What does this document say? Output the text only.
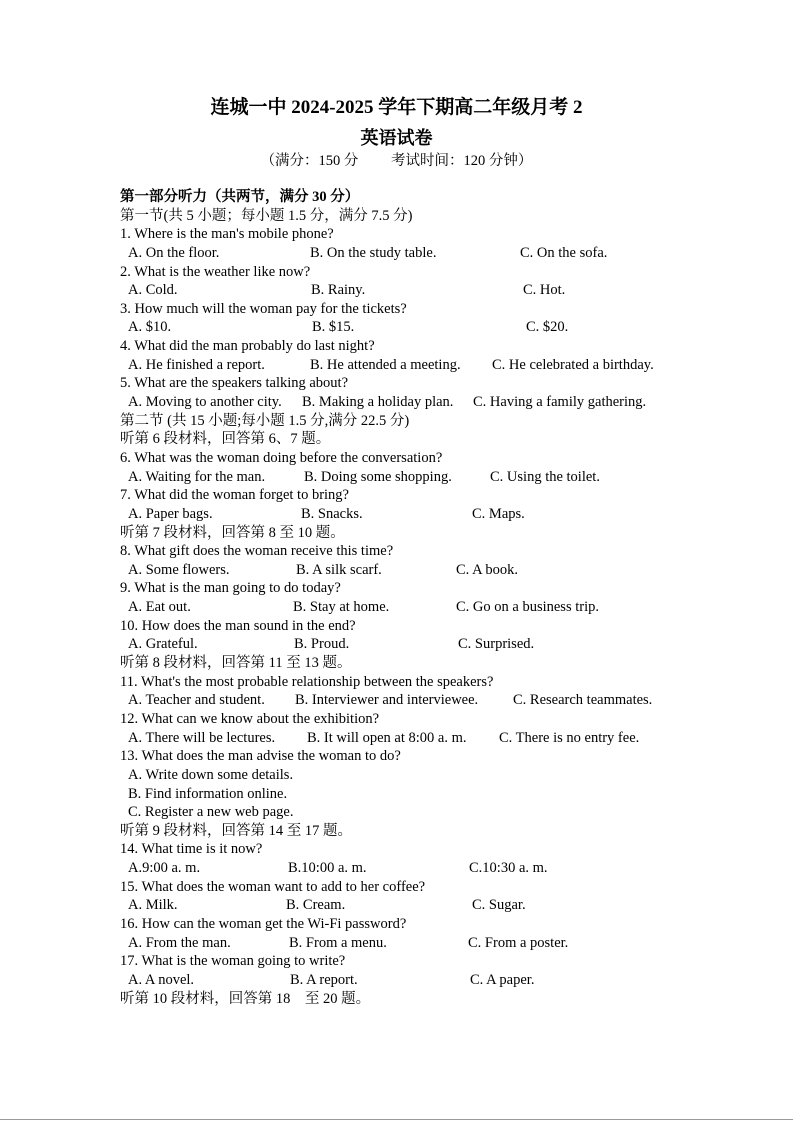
连城一中 2024-2025 学年下期高二年级月考 2
英语试卷
（满分：150 分　　 考试时间：120 分钟）
第一部分听力（共两节，满分 30 分）
第一节(共 5 小题；每小题 1.5 分，满分 7.5 分)
1. Where is the man's mobile phone?
A. On the floor.	B. On the study table.	C. On the sofa.
2. What is the weather like now?
A. Cold.	B. Rainy.	C. Hot.
3. How much will the woman pay for the tickets?
A. $10.	B. $15.	C. $20.
4. What did the man probably do last night?
A. He finished a report.	B. He attended a meeting. C. He celebrated a birthday.
5. What are the speakers talking about?
A. Moving to another city. B. Making a holiday plan. C. Having a family gathering.
第二节 (共 15 小题;每小题 1.5 分,满分 22.5 分)
听第 6 段材料，回答第 6、7 题。
6. What was the woman doing before the conversation?
A. Waiting for the man.	B. Doing some shopping.	C. Using the toilet.
7. What did the woman forget to bring?
A. Paper bags.	B. Snacks.	C. Maps.
听第 7 段材料，回答第 8 至 10 题。
8. What gift does the woman receive this time?
A. Some flowers.	B. A silk scarf.	C. A book.
9. What is the man going to do today?
A. Eat out.	B. Stay at home.	C. Go on a business trip.
10. How does the man sound in the end?
A. Grateful.	B. Proud.	C. Surprised.
听第 8 段材料，回答第 11 至 13 题。
11. What's the most probable relationship between the speakers?
A. Teacher and student. B. Interviewer and interviewee. C. Research teammates.
12. What can we know about the exhibition?
A. There will be lectures. B. It will open at 8:00 a. m. C. There is no entry fee.
13. What does the man advise the woman to do?
A. Write down some details.
B. Find information online.
C. Register a new web page.
听第 9 段材料，回答第 14 至 17 题。
14. What time is it now?
A.9:00 a. m.	B.10:00 a. m.	C.10:30 a. m.
15. What does the woman want to add to her coffee?
A. Milk.	B. Cream.	C. Sugar.
16. How can the woman get the Wi-Fi password?
A. From the man.	B. From a menu.	C. From a poster.
17. What is the woman going to write?
A. A novel.	B. A report.	C. A paper.
听第 10 段材料，回答第 18　至 20 题。
